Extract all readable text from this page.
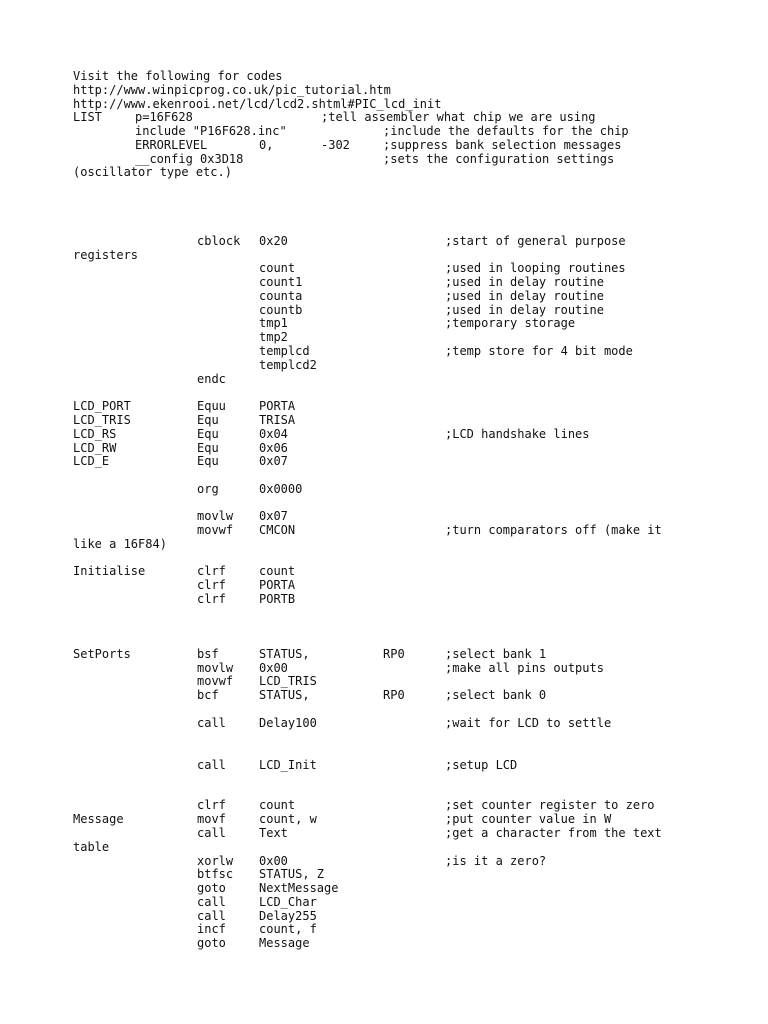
Visit the following for codes
http://www.winpicprog.co.uk/pic_tutorial.htm
http://www.ekenrooi.net/lcd/lcd2.shtml#PIC_lcd_init
LIST	p=16F628	;tell assembler what chip we are using
include "P16F628.inc"	;include the defaults for the chip
ERRORLEVEL	0,	-302	;suppress bank selection messages
__config 0x3D18	;sets the configuration settings
(oscillator type etc.)
cblock 0x20	;start of general purpose
registers
count	;used in looping routines
count1	;used in delay routine
counta	;used in delay routine
countb	;used in delay routine
tmp1	;temporary storage
tmp2
templcd	;temp store for 4 bit mode
templcd2
endc
LCD_PORT	Equu	PORTA
LCD_TRIS	Equ	TRISA
LCD_RS	Equ	0x04	;LCD handshake lines
LCD_RW	Equ	0x06
LCD_E	Equ	0x07
org	0x0000
movlw 0x07
movwf CMCON	;turn comparators off (make it
like a 16F84)
Initialise	clrf	count
clrf	PORTA
clrf	PORTB
SetPorts	bsf	STATUS,	RP0	;select bank 1
movlw 0x00	;make all pins outputs
movwf LCD_TRIS
bcf	STATUS,	RP0	;select bank 0
call	Delay100	;wait for LCD to settle
call	LCD_Init	;setup LCD
clrf	count	;set counter register to zero
Message	movf	count, w	;put counter value in W
call	Text	;get a character from the text
table
xorlw 0x00	;is it a zero?
btfsc STATUS, Z
goto	NextMessage
call	LCD_Char
call	Delay255
incf	count, f
goto	Message
